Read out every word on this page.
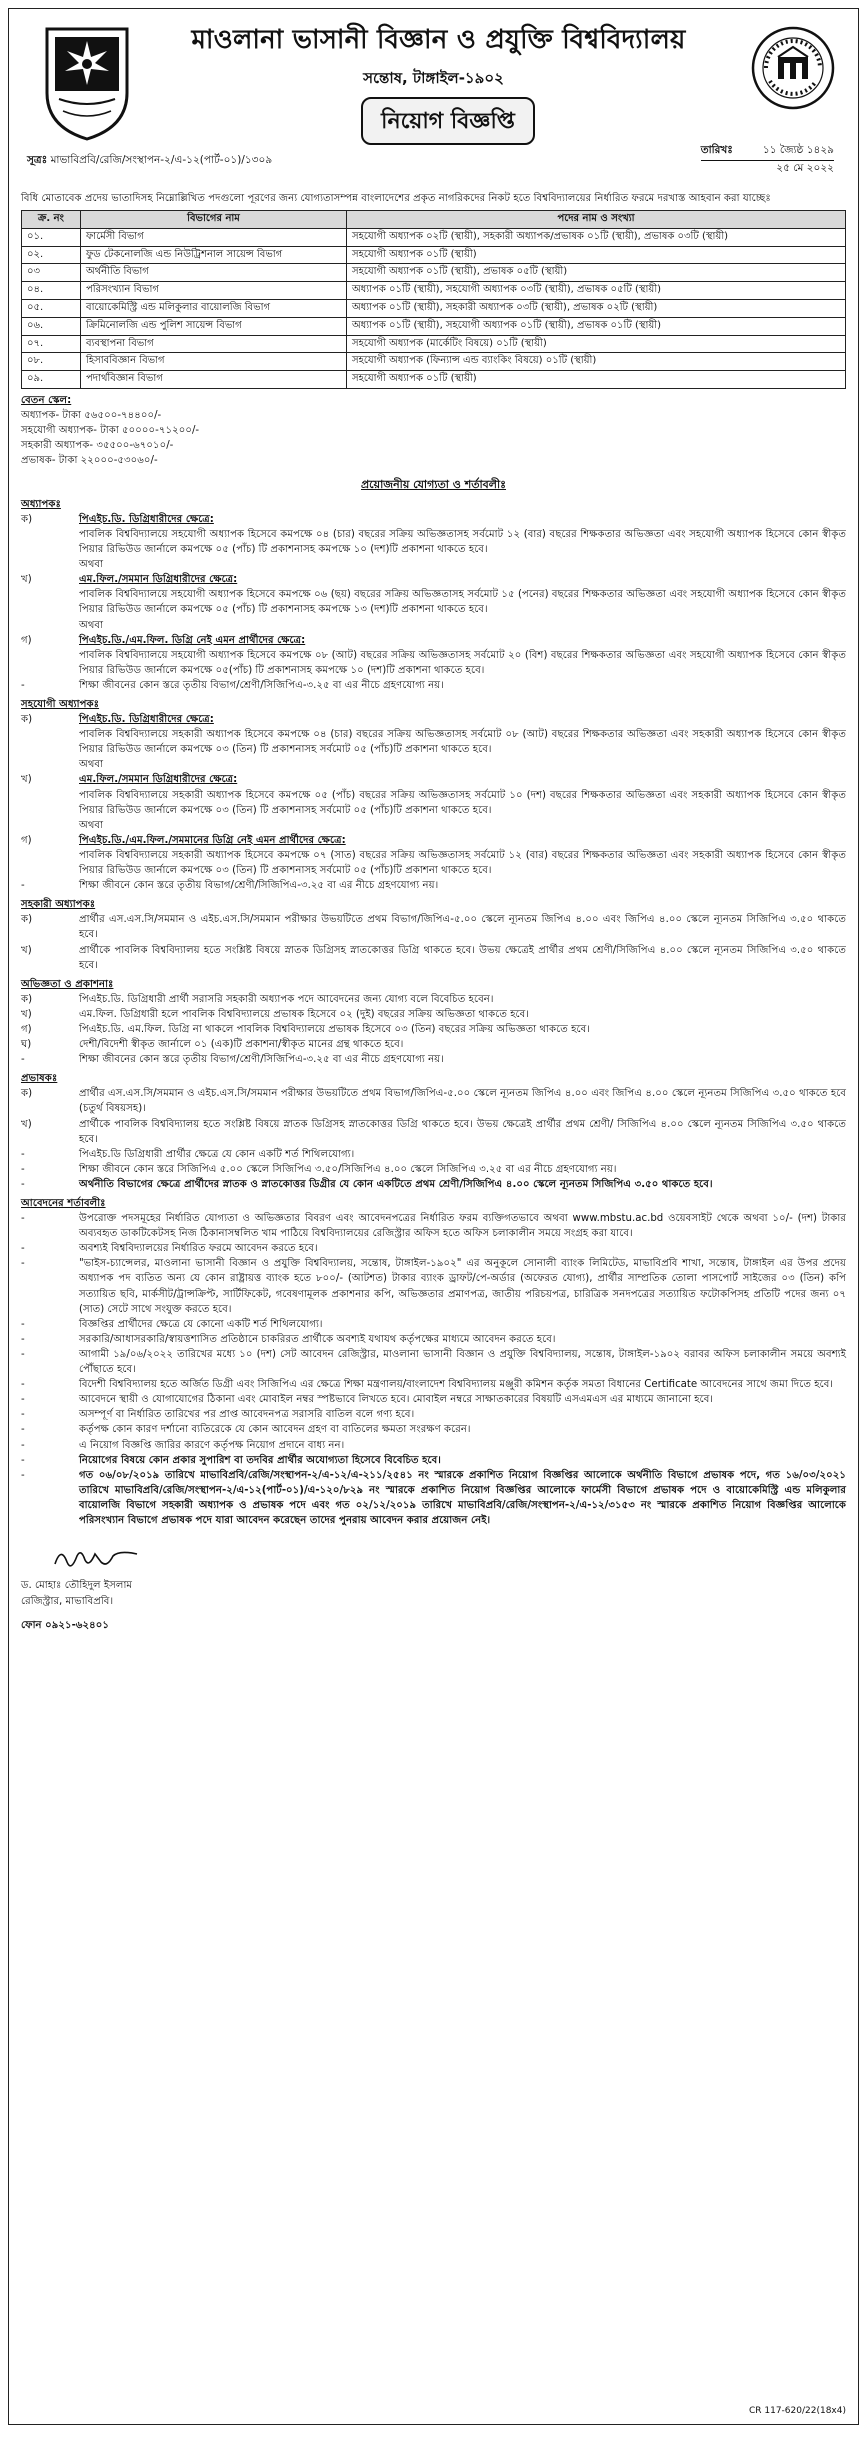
মাওলানা ভাসানী বিজ্ঞান ও প্রযুক্তি বিশ্ববিদ্যালয়
সন্তোষ, টাঙ্গাইল-১৯০২
নিয়োগ বিজ্ঞপ্তি
সূত্রঃ মাভাবিপ্রবি/রেজি/সংস্থাপন-২/এ-১২(পার্ট-০১)/১৩০৯
তারিখঃ	১১ জ্যৈষ্ঠ ১৪২৯
২৫ মে ২০২২
বিধি মোতাবেক প্রদেয় ভাতাদিসহ নিম্নোল্লিখিত পদগুলো পূরণের জন্য যোগ্যতাসম্পন্ন বাংলাদেশের প্রকৃত নাগরিকদের নিকট হতে বিশ্ববিদ্যালয়ের নির্ধারিত ফরমে দরখাস্ত আহবান করা যাচ্ছেঃ
ক্র. নং	বিভাগের নাম	পদের নাম ও সংখ্যা
০১.	ফার্মেসী বিভাগ	সহযোগী অধ্যাপক ০২টি (স্থায়ী), সহকারী অধ্যাপক/প্রভাষক ০১টি (স্থায়ী), প্রভাষক ০৩টি (স্থায়ী)
০২.	ফুড টেকনোলজি এন্ড নিউট্রিশনাল সায়েন্স বিভাগ	সহযোগী অধ্যাপক ০১টি (স্থায়ী)
০৩	অর্থনীতি বিভাগ	সহযোগী অধ্যাপক ০১টি (স্থায়ী), প্রভাষক ০৫টি (স্থায়ী)
০৪.	পরিসংখ্যান বিভাগ	অধ্যাপক ০১টি (স্থায়ী), সহযোগী অধ্যাপক ০৩টি (স্থায়ী), প্রভাষক ০৫টি (স্থায়ী)
০৫.	বায়োকেমিস্ট্রি এন্ড মলিকুলার বায়োলজি বিভাগ	অধ্যাপক ০১টি (স্থায়ী), সহকারী অধ্যাপক ০৩টি (স্থায়ী), প্রভাষক ০২টি (স্থায়ী)
০৬.	ক্রিমিনোলজি এন্ড পুলিশ সায়েন্স বিভাগ	অধ্যাপক ০১টি (স্থায়ী), সহযোগী অধ্যাপক ০১টি (স্থায়ী), প্রভাষক ০১টি (স্থায়ী)
০৭.	ব্যবস্থাপনা বিভাগ	সহযোগী অধ্যাপক (মার্কেটিং বিষয়ে) ০১টি (স্থায়ী)
০৮.	হিসাববিজ্ঞান বিভাগ	সহযোগী অধ্যাপক (ফিন্যান্স এন্ড ব্যাংকিং বিষয়ে) ০১টি (স্থায়ী)
০৯.	পদার্থবিজ্ঞান বিভাগ	সহযোগী অধ্যাপক ০১টি (স্থায়ী)
বেতন স্কেল:
অধ্যাপক- টাকা ৫৬৫০০-৭৪৪০০/-
সহযোগী অধ্যাপক- টাকা ৫০০০০-৭১২০০/-
সহকারী অধ্যাপক- ৩৫৫০০-৬৭০১০/-
প্রভাষক- টাকা ২২০০০-৫৩০৬০/-
প্রয়োজনীয় যোগ্যতা ও শর্তাবলীঃ
অধ্যাপকঃ
ক)	পিএইচ.ডি. ডিগ্রিধারীদের ক্ষেত্রে:
পাবলিক বিশ্ববিদ্যালয়ে সহযোগী অধ্যাপক হিসেবে কমপক্ষে ০৪ (চার) বছরের সক্রিয় অভিজ্ঞতাসহ সর্বমোট ১২ (বার) বছরের শিক্ষকতার অভিজ্ঞতা এবং সহযোগী অধ্যাপক হিসেবে কোন স্বীকৃত পিয়ার রিভিউড জার্নালে কমপক্ষে ০৫ (পাঁচ) টি প্রকাশনাসহ কমপক্ষে ১০ (দশ)টি প্রকাশনা থাকতে হবে।
অথবা
খ)	এম.ফিল./সমমান ডিগ্রিধারীদের ক্ষেত্রে:
পাবলিক বিশ্ববিদ্যালয়ে সহযোগী অধ্যাপক হিসেবে কমপক্ষে ০৬ (ছয়) বছরের সক্রিয় অভিজ্ঞতাসহ সর্বমোট ১৫ (পনের) বছরের শিক্ষকতার অভিজ্ঞতা এবং সহযোগী অধ্যাপক হিসেবে কোন স্বীকৃত পিয়ার রিভিউড জার্নালে কমপক্ষে ০৫ (পাঁচ) টি প্রকাশনাসহ কমপক্ষে ১৩ (দশ)টি প্রকাশনা থাকতে হবে।
অথবা
গ)	পিএইচ.ডি./এম.ফিল. ডিগ্রি নেই এমন প্রার্থীদের ক্ষেত্রে:
পাবলিক বিশ্ববিদ্যালয়ে সহযোগী অধ্যাপক হিসেবে কমপক্ষে ০৮ (আট) বছরের সক্রিয় অভিজ্ঞতাসহ সর্বমোট ২০ (বিশ) বছরের শিক্ষকতার অভিজ্ঞতা এবং সহযোগী অধ্যাপক হিসেবে কোন স্বীকৃত পিয়ার রিভিউড জার্নালে কমপক্ষে ০৫(পাঁচ) টি প্রকাশনাসহ কমপক্ষে ১০ (দশ)টি প্রকাশনা থাকতে হবে।
-	শিক্ষা জীবনের কোন স্তরে তৃতীয় বিভাগ/শ্রেণী/সিজিপিএ-৩.২৫ বা এর নীচে গ্রহণযোগ্য নয়।
সহযোগী অধ্যাপকঃ
ক)	পিএইচ.ডি. ডিগ্রিধারীদের ক্ষেত্রে:
পাবলিক বিশ্ববিদ্যালয়ে সহকারী অধ্যাপক হিসেবে কমপক্ষে ০৪ (চার) বছরের সক্রিয় অভিজ্ঞতাসহ সর্বমোট ০৮ (আট) বছরের শিক্ষকতার অভিজ্ঞতা এবং সহকারী অধ্যাপক হিসেবে কোন স্বীকৃত পিয়ার রিভিউড জার্নালে কমপক্ষে ০৩ (তিন) টি প্রকাশনাসহ সর্বমোট ০৫ (পাঁচ)টি প্রকাশনা থাকতে হবে।
অথবা
খ)	এম.ফিল./সমমান ডিগ্রিধারীদের ক্ষেত্রে:
পাবলিক বিশ্ববিদ্যালয়ে সহকারী অধ্যাপক হিসেবে কমপক্ষে ০৫ (পাঁচ) বছরের সক্রিয় অভিজ্ঞতাসহ সর্বমোট ১০ (দশ) বছরের শিক্ষকতার অভিজ্ঞতা এবং সহকারী অধ্যাপক হিসেবে কোন স্বীকৃত পিয়ার রিভিউড জার্নালে কমপক্ষে ০৩ (তিন) টি প্রকাশনাসহ সর্বমোট ০৫ (পাঁচ)টি প্রকাশনা থাকতে হবে।
অথবা
গ)	পিএইচ.ডি./এম.ফিল./সমমানের ডিগ্রি নেই এমন প্রার্থীদের ক্ষেত্রে:
পাবলিক বিশ্ববিদ্যালয়ে সহকারী অধ্যাপক হিসেবে কমপক্ষে ০৭ (সাত) বছরের সক্রিয় অভিজ্ঞতাসহ সর্বমোট ১২ (বার) বছরের শিক্ষকতার অভিজ্ঞতা এবং সহকারী অধ্যাপক হিসেবে কোন স্বীকৃত পিয়ার রিভিউড জার্নালে কমপক্ষে ০৩ (তিন) টি প্রকাশনাসহ সর্বমোট ০৫ (পাঁচ)টি প্রকাশনা থাকতে হবে।
-	শিক্ষা জীবনে কোন স্তরে তৃতীয় বিভাগ/শ্রেণী/সিজিপিএ-৩.২৫ বা এর নীচে গ্রহণযোগ্য নয়।
সহকারী অধ্যাপকঃ
ক)	প্রার্থীর এস.এস.সি/সমমান ও এইচ.এস.সি/সমমান পরীক্ষার উভয়টিতে প্রথম বিভাগ/জিপিএ-৫.০০ স্কেলে ন্যূনতম জিপিএ ৪.০০ এবং জিপিএ ৪.০০ স্কেলে ন্যূনতম সিজিপিএ ৩.৫০ থাকতে হবে।
খ)	প্রার্থীকে পাবলিক বিশ্ববিদ্যালয় হতে সংশ্লিষ্ট বিষয়ে স্নাতক ডিগ্রিসহ স্নাতকোত্তর ডিগ্রি থাকতে হবে। উভয় ক্ষেত্রেই প্রার্থীর প্রথম শ্রেণী/সিজিপিএ ৪.০০ স্কেলে ন্যূনতম সিজিপিএ ৩.৫০ থাকতে হবে।
অভিজ্ঞতা ও প্রকাশনাঃ
ক)	পিএইচ.ডি. ডিগ্রিধারী প্রার্থী সরাসরি সহকারী অধ্যাপক পদে আবেদনের জন্য যোগ্য বলে বিবেচিত হবেন।
খ)	এম.ফিল. ডিগ্রিধারী হলে পাবলিক বিশ্ববিদ্যালয়ে প্রভাষক হিসেবে ০২ (দুই) বছরের সক্রিয় অভিজ্ঞতা থাকতে হবে।
গ)	পিএইচ.ডি. এম.ফিল. ডিগ্রি না থাকলে পাবলিক বিশ্ববিদ্যালয়ে প্রভাষক হিসেবে ০৩ (তিন) বছরের সক্রিয় অভিজ্ঞতা থাকতে হবে।
ঘ)	দেশী/বিদেশী স্বীকৃত জার্নালে ০১ (এক)টি প্রকাশনা/স্বীকৃত মানের গ্রন্থ থাকতে হবে।
-	শিক্ষা জীবনের কোন স্তরে তৃতীয় বিভাগ/শ্রেণী/সিজিপিএ-৩.২৫ বা এর নীচে গ্রহণযোগ্য নয়।
প্রভাষকঃ
ক)	প্রার্থীর এস.এস.সি/সমমান ও এইচ.এস.সি/সমমান পরীক্ষার উভয়টিতে প্রথম বিভাগ/জিপিএ-৫.০০ স্কেলে ন্যূনতম জিপিএ ৪.০০ এবং জিপিএ ৪.০০ স্কেলে ন্যূনতম সিজিপিএ ৩.৫০ থাকতে হবে (চতুর্থ বিষয়সহ)।
খ)	প্রার্থীকে পাবলিক বিশ্ববিদ্যালয় হতে সংশ্লিষ্ট বিষয়ে স্নাতক ডিগ্রিসহ স্নাতকোত্তর ডিগ্রি থাকতে হবে। উভয় ক্ষেত্রেই প্রার্থীর প্রথম শ্রেণী/ সিজিপিএ ৪.০০ স্কেলে ন্যূনতম সিজিপিএ ৩.৫০ থাকতে হবে।
-	পিএইচ.ডি ডিগ্রিধারী প্রার্থীর ক্ষেত্রে যে কোন একটি শর্ত শিথিলযোগ্য।
-	শিক্ষা জীবনে কোন স্তরে সিজিপিএ ৫.০০ স্কেলে সিজিপিএ ৩.৫০/সিজিপিএ ৪.০০ স্কেলে সিজিপিএ ৩.২৫ বা এর নীচে গ্রহণযোগ্য নয়।
-	অর্থনীতি বিভাগের ক্ষেত্রে প্রার্থীদের স্নাতক ও স্নাতকোত্তর ডিগ্রীর যে কোন একটিতে প্রথম শ্রেণী/সিজিপিএ ৪.০০ স্কেলে ন্যূনতম সিজিপিএ ৩.৫০ থাকতে হবে।
আবেদনের শর্তাবলীঃ
-	উপরোক্ত পদসমূহের নির্ধারিত যোগ্যতা ও অভিজ্ঞতার বিবরণ এবং আবেদনপত্রের নির্ধারিত ফরম ব্যক্তিগতভাবে অথবা www.mbstu.ac.bd ওয়েবসাইট থেকে অথবা ১০/- (দশ) টাকার অব্যবহৃত ডাকটিকেটসহ নিজ ঠিকানাসম্বলিত খাম পাঠিয়ে বিশ্ববিদ্যালয়ের রেজিস্ট্রার অফিস হতে অফিস চলাকালীন সময়ে সংগ্রহ করা যাবে।
-	অবশ্যই বিশ্ববিদ্যালয়ের নির্ধারিত ফরমে আবেদন করতে হবে।
-	"ভাইস-চ্যান্সেলর, মাওলানা ভাসানী বিজ্ঞান ও প্রযুক্তি বিশ্ববিদ্যালয়, সন্তোষ, টাঙ্গাইল-১৯০২" এর অনুকূলে সোনালী ব্যাংক লিমিটেড, মাভাবিপ্রবি শাখা, সন্তোষ, টাঙ্গাইল এর উপর প্রদেয় অধ্যাপক পদ ব্যতিত অন্য যে কোন রাষ্ট্রায়ত্ত ব্যাংক হতে ৮০০/- (আটশত) টাকার ব্যাংক ড্রাফট/পে-অর্ডার (অফেরত যোগ্য), প্রার্থীর সাম্প্রতিক তোলা পাসপোর্ট সাইজের ০৩ (তিন) কপি সত্যায়িত ছবি, মার্কসীট/ট্রান্সক্রিপ্ট, সার্টিফিকেট, গবেষণামূলক প্রকাশনার কপি, অভিজ্ঞতার প্রমাণপত্র, জাতীয় পরিচয়পত্র, চারিত্রিক সনদপত্রের সত্যায়িত ফটোকপিসহ প্রতিটি পদের জন্য ০৭ (সাত) সেটে সাথে সংযুক্ত করতে হবে।
-	বিজ্ঞপ্তির প্রার্থীদের ক্ষেত্রে যে কোনো একটি শর্ত শিথিলযোগ্য।
-	সরকারি/আধাসরকারি/স্বায়ত্তশাসিত প্রতিষ্ঠানে চাকরিরত প্রার্থীকে অবশ্যই যথাযথ কর্তৃপক্ষের মাধ্যমে আবেদন করতে হবে।
-	আগামী ১৯/০৬/২০২২ তারিখের মধ্যে ১০ (দশ) সেট আবেদন রেজিস্ট্রার, মাওলানা ভাসানী বিজ্ঞান ও প্রযুক্তি বিশ্ববিদ্যালয়, সন্তোষ, টাঙ্গাইল-১৯০২ বরাবর অফিস চলাকালীন সময়ে অবশ্যই পৌঁছাতে হবে।
-	বিদেশী বিশ্ববিদ্যালয় হতে অর্জিত ডিগ্রী এবং সিজিপিএ এর ক্ষেত্রে শিক্ষা মন্ত্রণালয়/বাংলাদেশ বিশ্ববিদ্যালয় মঞ্জুরী কমিশন কর্তৃক সমতা বিধানের Certificate আবেদনের সাথে জমা দিতে হবে।
-	আবেদনে স্থায়ী ও যোগাযোগের ঠিকানা এবং মোবাইল নম্বর স্পষ্টভাবে লিখতে হবে। মোবাইল নম্বরে সাক্ষাতকারের বিষয়টি এসএমএস এর মাধ্যমে জানানো হবে।
-	অসম্পূর্ণ বা নির্ধারিত তারিখের পর প্রাপ্ত আবেদনপত্র সরাসরি বাতিল বলে গণ্য হবে।
-	কর্তৃপক্ষ কোন কারণ দর্শানো ব্যতিরেকে যে কোন আবেদন গ্রহণ বা বাতিলের ক্ষমতা সংরক্ষণ করেন।
-	এ নিয়োগ বিজ্ঞপ্তি জারির কারণে কর্তৃপক্ষ নিয়োগ প্রদানে বাধ্য নন।
-	নিয়োগের বিষয়ে কোন প্রকার সুপারিশ বা তদবির প্রার্থীর অযোগ্যতা হিসেবে বিবেচিত হবে।
-	গত ০৬/০৮/২০১৯ তারিখে মাভাবিপ্রবি/রেজি/সংস্থাপন-২/এ-১২/এ-২১১/২৫৪১ নং স্মারকে প্রকাশিত নিয়োগ বিজ্ঞপ্তির আলোকে অর্থনীতি বিভাগে প্রভাষক পদে, গত ১৬/০৩/২০২১ তারিখে মাভাবিপ্রবি/রেজি/সংস্থাপন-২/এ-১২(পার্ট-০১)/এ-১২০/৮২৯ নং স্মারকে প্রকাশিত নিয়োগ বিজ্ঞপ্তির আলোকে ফার্মেসী বিভাগে প্রভাষক পদে ও বায়োকেমিস্ট্রি এন্ড মলিকুলার বায়োলজি বিভাগে সহকারী অধ্যাপক ও প্রভাষক পদে এবং গত ০২/১২/২০১৯ তারিখে মাভাবিপ্রবি/রেজি/সংস্থাপন-২/এ-১২/৩১৫৩ নং স্মারকে প্রকাশিত নিয়োগ বিজ্ঞপ্তির আলোকে পরিসংখ্যান বিভাগে প্রভাষক পদে যারা আবেদন করেছেন তাদের পুনরায় আবেদন করার প্রয়োজন নেই।
ড. মোহাঃ তৌহিদুল ইসলাম
রেজিস্ট্রার, মাভাবিপ্রবি।
ফোন ০৯২১-৬২৪০১
CR 117-620/22(18x4)
